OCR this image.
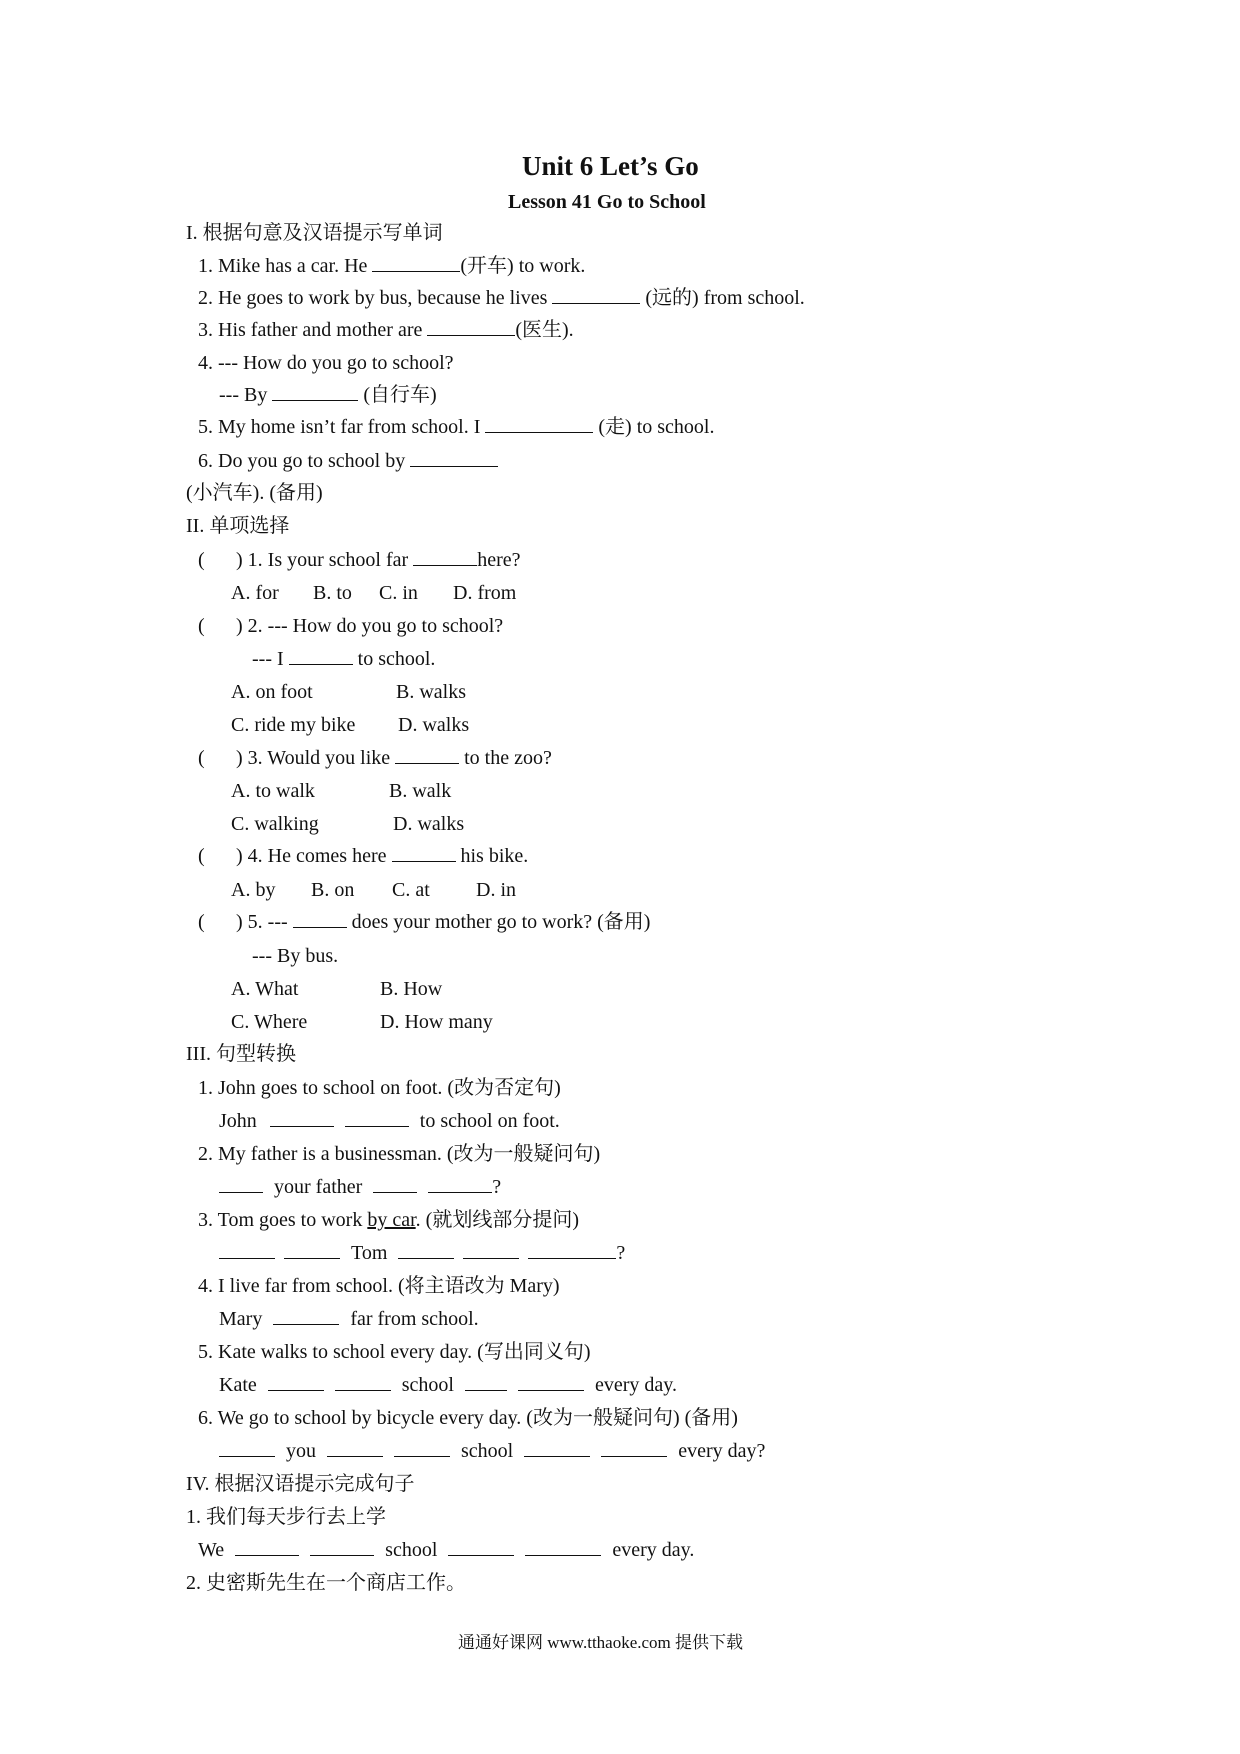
Unit 6 Let’s Go
Lesson 41 Go to School
I. 根据句意及汉语提示写单词
1. Mike has a car. He	(开车) to work.
2. He goes to work by bus, because he lives	(远的) from school.
3. His father and mother are	(医生).
4. --- How do you go to school?
--- By	(自行车)
5. My home isn’t far from school. I	(走) to school.
6. Do you go to school by
(小汽车). (备用)
II. 单项选择
( ) 1. Is your school far	here?
A. for B. to C. in D. from
( ) 2. --- How do you go to school?
--- I	to school.
A. on foot	B. walks
C. ride my bike D. walks
( ) 3. Would you like	to the zoo?
A. to walk	B. walk
C. walking	D. walks
( ) 4. He comes here	his bike.
A. by B. on C. at D. in
( ) 5. ---	does your mother go to work? (备用)
--- By bus.
A. What	B. How
C. Where	D. How many
III. 句型转换
1. John goes to school on foot. (改为否定句)
John	to school on foot.
2. My father is a businessman. (改为一般疑问句)
your father	?
3. Tom goes to work by car. (就划线部分提问)
Tom	?
4. I live far from school. (将主语改为 Mary)
Mary	far from school.
5. Kate walks to school every day. (写出同义句)
Kate	school	every day.
6. We go to school by bicycle every day. (改为一般疑问句) (备用)
you	school	every day?
IV. 根据汉语提示完成句子
1. 我们每天步行去上学
We	school	every day.
2. 史密斯先生在一个商店工作。
通通好课网 www.tthaoke.com 提供下载
